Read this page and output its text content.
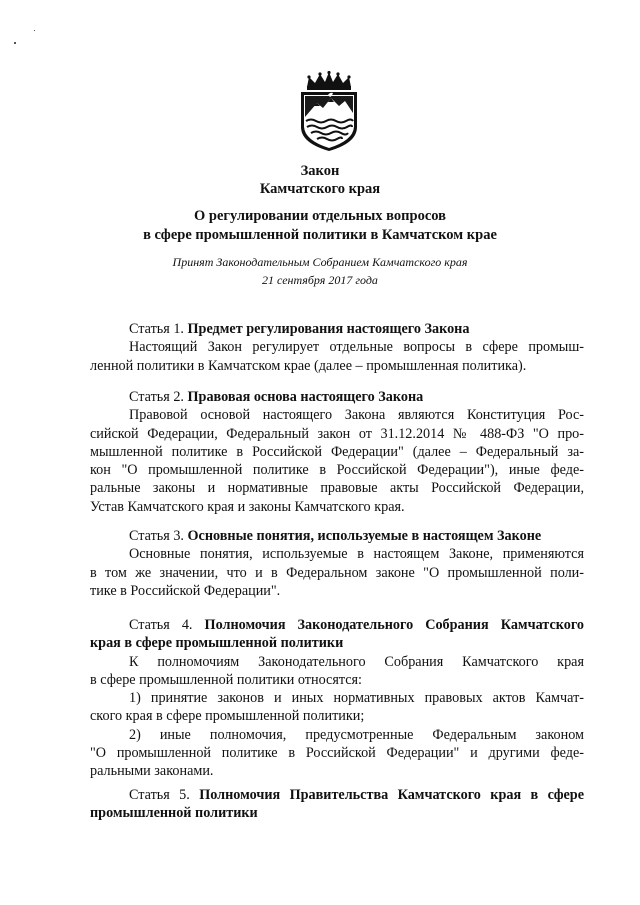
Закон
Камчатского края
О регулировании отдельных вопросов
в сфере промышленной политики в Камчатском крае
Принят Законодательным Собранием Камчатского края
21 сентября 2017 года
Статья 1. Предмет регулирования настоящего Закона
Настоящий Закон регулирует отдельные вопросы в сфере промыш-
ленной политики в Камчатском крае (далее – промышленная политика).
Статья 2. Правовая основа настоящего Закона
Правовой основой настоящего Закона являются Конституция Рос-
сийской Федерации, Федеральный закон от 31.12.2014 № 488-ФЗ "О про-
мышленной политике в Российской Федерации" (далее – Федеральный за-
кон "О промышленной политике в Российской Федерации"), иные феде-
ральные законы и нормативные правовые акты Российской Федерации,
Устав Камчатского края и законы Камчатского края.
Статья 3. Основные понятия, используемые в настоящем Законе
Основные понятия, используемые в настоящем Законе, применяются
в том же значении, что и в Федеральном законе "О промышленной поли-
тике в Российской Федерации".
Статья 4. Полномочия Законодательного Собрания Камчатского
края в сфере промышленной политики
К полномочиям Законодательного Собрания Камчатского края
в сфере промышленной политики относятся:
1) принятие законов и иных нормативных правовых актов Камчат-
ского края в сфере промышленной политики;
2) иные полномочия, предусмотренные Федеральным законом
"О промышленной политике в Российской Федерации" и другими феде-
ральными законами.
Статья 5. Полномочия Правительства Камчатского края в сфере
промышленной политики
